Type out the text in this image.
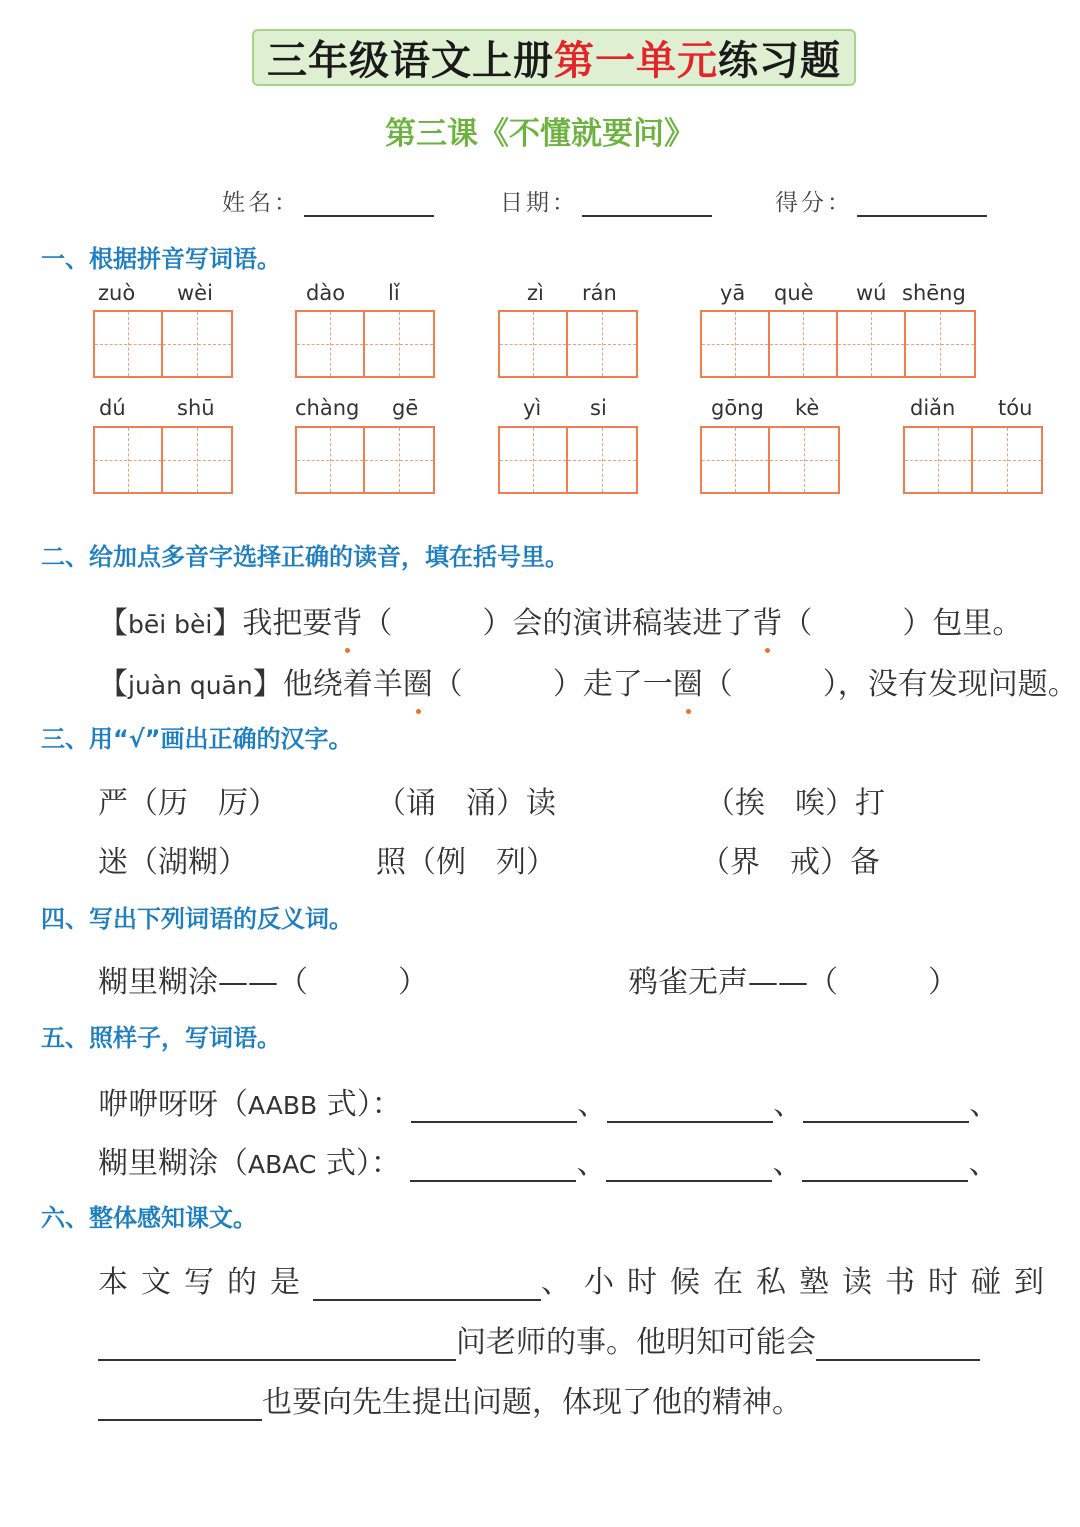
三年级语文上册 第一单元 练习题
第三课《不懂就要问》
姓名：	日期：	得分：
一、根据拼音写词语。
zuò wèi	dào lǐ	zì rán	yā què wú shēng
dú shū	chàng gē	yì si	gōng kè	diǎn tóu
二、给加点多音字选择正确的读音，填在括号里。
【bēi bèi】我把要背（　　　）会的演讲稿装进了背（　　　）包里。
【juàn quān】他绕着羊圈（　　　）走了一圈（　　　），没有发现问题。
三、用“√”画出正确的汉字。
严（历　厉）	（诵　涌）读	（挨　唉）打
迷（湖糊）	照（例　列）	（界　戒）备
四、写出下列词语的反义词。
糊里糊涂——（　　　）	鸦雀无声——（　　　）
五、照样子，写词语。
咿咿呀呀（AABB 式）：	、	、	、
糊里糊涂（ABAC 式）：	、	、	、
六、整体感知课文。
本文写的是	、小时候在私塾读书时碰到
问老师的事。他明知可能会
也要向先生提出问题，体现了他的精神。
